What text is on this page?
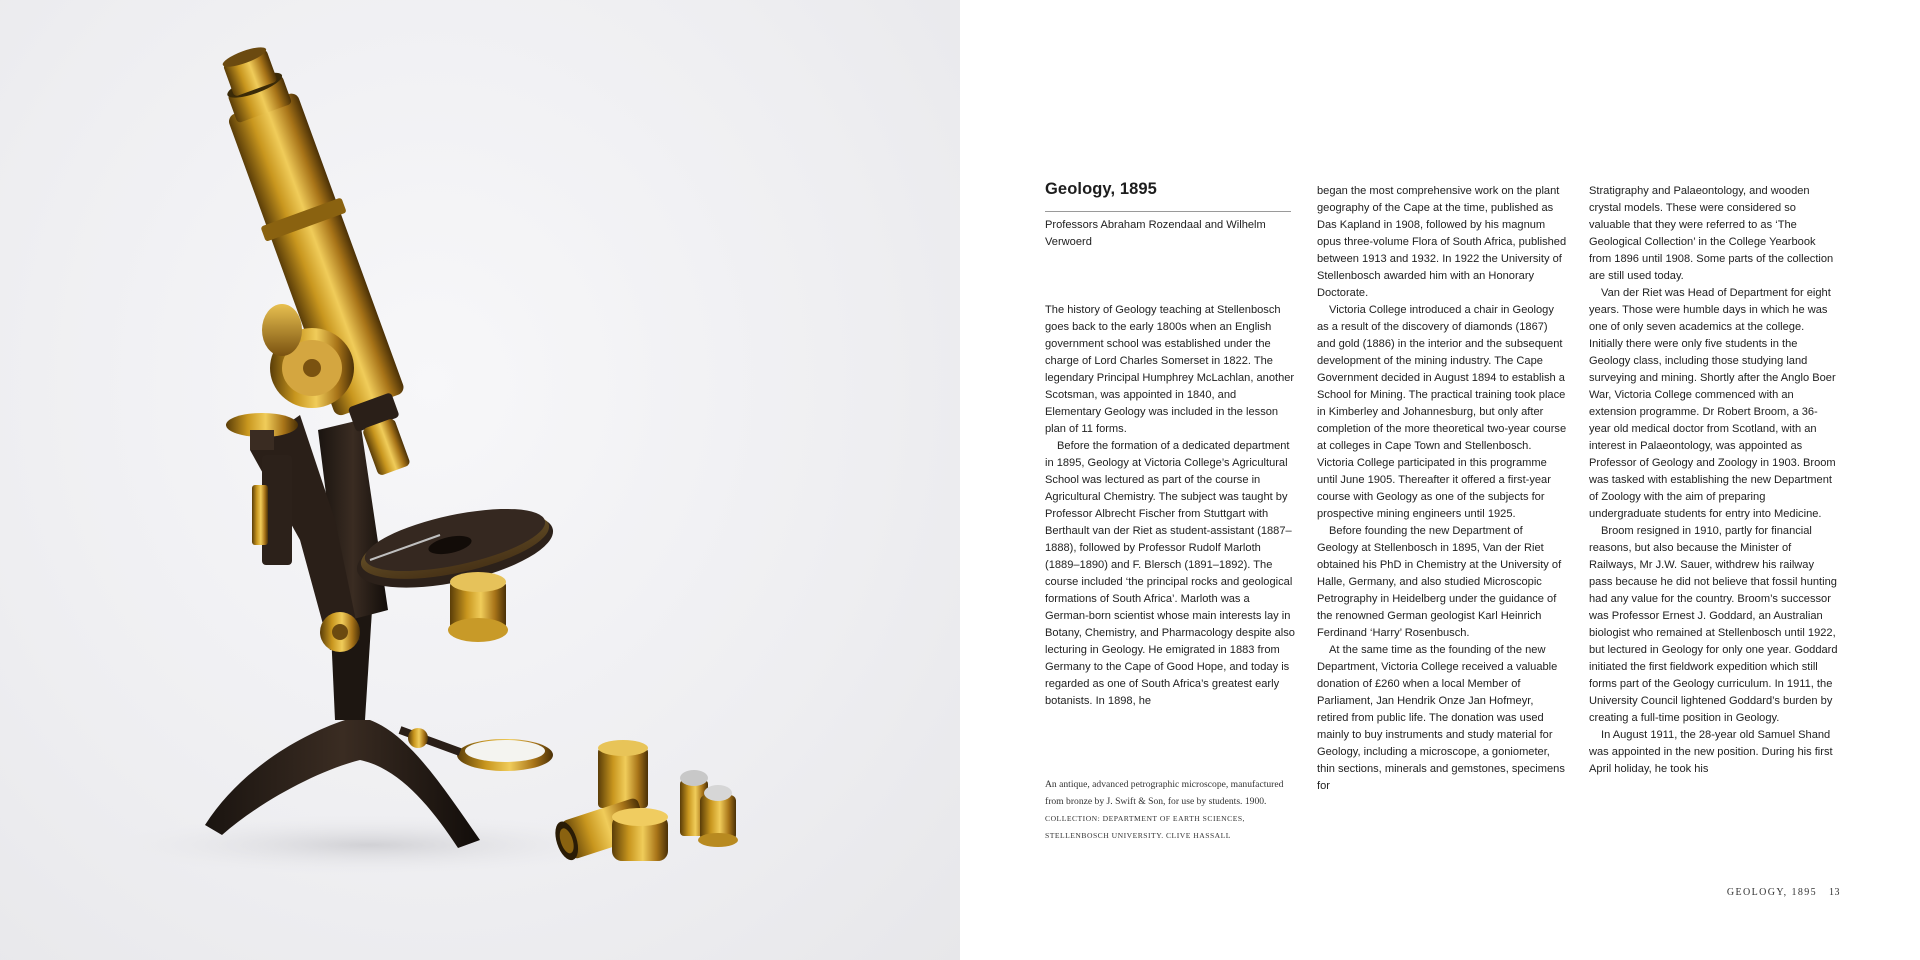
Geology, 1895
Professors Abraham Rozendaal and Wilhelm Verwoerd

The history of Geology teaching at Stellenbosch goes back to the early 1800s when an English government school was established under the charge of Lord Charles Somerset in 1822. The legendary Principal Humphrey McLachlan, another Scotsman, was appointed in 1840, and Elementary Geology was included in the lesson plan of 11 forms.

Before the formation of a dedicated department in 1895, Geology at Victoria College’s Agricultural School was lectured as part of the course in Agricultural Chemistry. The subject was taught by Professor Albrecht Fischer from Stuttgart with Berthault van der Riet as student-assistant (1887–1888), followed by Professor Rudolf Marloth (1889–1890) and F. Blersch (1891–1892). The course included ‘the principal rocks and geological formations of South Africa’. Marloth was a German-born scientist whose main interests lay in Botany, Chemistry, and Pharmacology despite also lecturing in Geology. He emigrated in 1883 from Germany to the Cape of Good Hope, and today is regarded as one of South Africa’s greatest early botanists. In 1898, he

An antique, advanced petrographic microscope, manufactured from bronze by J. Swift & Son, for use by students. 1900.
COLLECTION: DEPARTMENT OF EARTH SCIENCES, STELLENBOSCH UNIVERSITY. CLIVE HASSALL

began the most comprehensive work on the plant geography of the Cape at the time, published as Das Kapland in 1908, followed by his magnum opus three-volume Flora of South Africa, published between 1913 and 1932. In 1922 the University of Stellenbosch awarded him with an Honorary Doctorate.

Victoria College introduced a chair in Geology as a result of the discovery of diamonds (1867) and gold (1886) in the interior and the subsequent development of the mining industry. The Cape Government decided in August 1894 to establish a School for Mining. The practical training took place in Kimberley and Johannesburg, but only after completion of the more theoretical two-year course at colleges in Cape Town and Stellenbosch. Victoria College participated in this programme until June 1905. Thereafter it offered a first-year course with Geology as one of the subjects for prospective mining engineers until 1925.

Before founding the new Department of Geology at Stellenbosch in 1895, Van der Riet obtained his PhD in Chemistry at the University of Halle, Germany, and also studied Microscopic Petrography in Heidelberg under the guidance of the renowned German geologist Karl Heinrich Ferdinand ‘Harry’ Rosenbusch.

At the same time as the founding of the new Department, Victoria College received a valuable donation of £260 when a local Member of Parliament, Jan Hendrik Onze Jan Hofmeyr, retired from public life. The donation was used mainly to buy instruments and study material for Geology, including a microscope, a goniometer, thin sections, minerals and gemstones, specimens for

Stratigraphy and Palaeontology, and wooden crystal models. These were considered so valuable that they were referred to as ‘The Geological Collection’ in the College Yearbook from 1896 until 1908. Some parts of the collection are still used today.

Van der Riet was Head of Department for eight years. Those were humble days in which he was one of only seven academics at the college. Initially there were only five students in the Geology class, including those studying land surveying and mining. Shortly after the Anglo Boer War, Victoria College commenced with an extension programme. Dr Robert Broom, a 36-year old medical doctor from Scotland, with an interest in Palaeontology, was appointed as Professor of Geology and Zoology in 1903. Broom was tasked with establishing the new Department of Zoology with the aim of preparing undergraduate students for entry into Medicine.

Broom resigned in 1910, partly for financial reasons, but also because the Minister of Railways, Mr J.W. Sauer, withdrew his railway pass because he did not believe that fossil hunting had any value for the country. Broom’s successor was Professor Ernest J. Goddard, an Australian biologist who remained at Stellenbosch until 1922, but lectured in Geology for only one year. Goddard initiated the first fieldwork expedition which still forms part of the Geology curriculum. In 1911, the University Council lightened Goddard’s burden by creating a full-time position in Geology.

In August 1911, the 28-year old Samuel Shand was appointed in the new position. During his first April holiday, he took his

GEOLOGY, 1895 13
